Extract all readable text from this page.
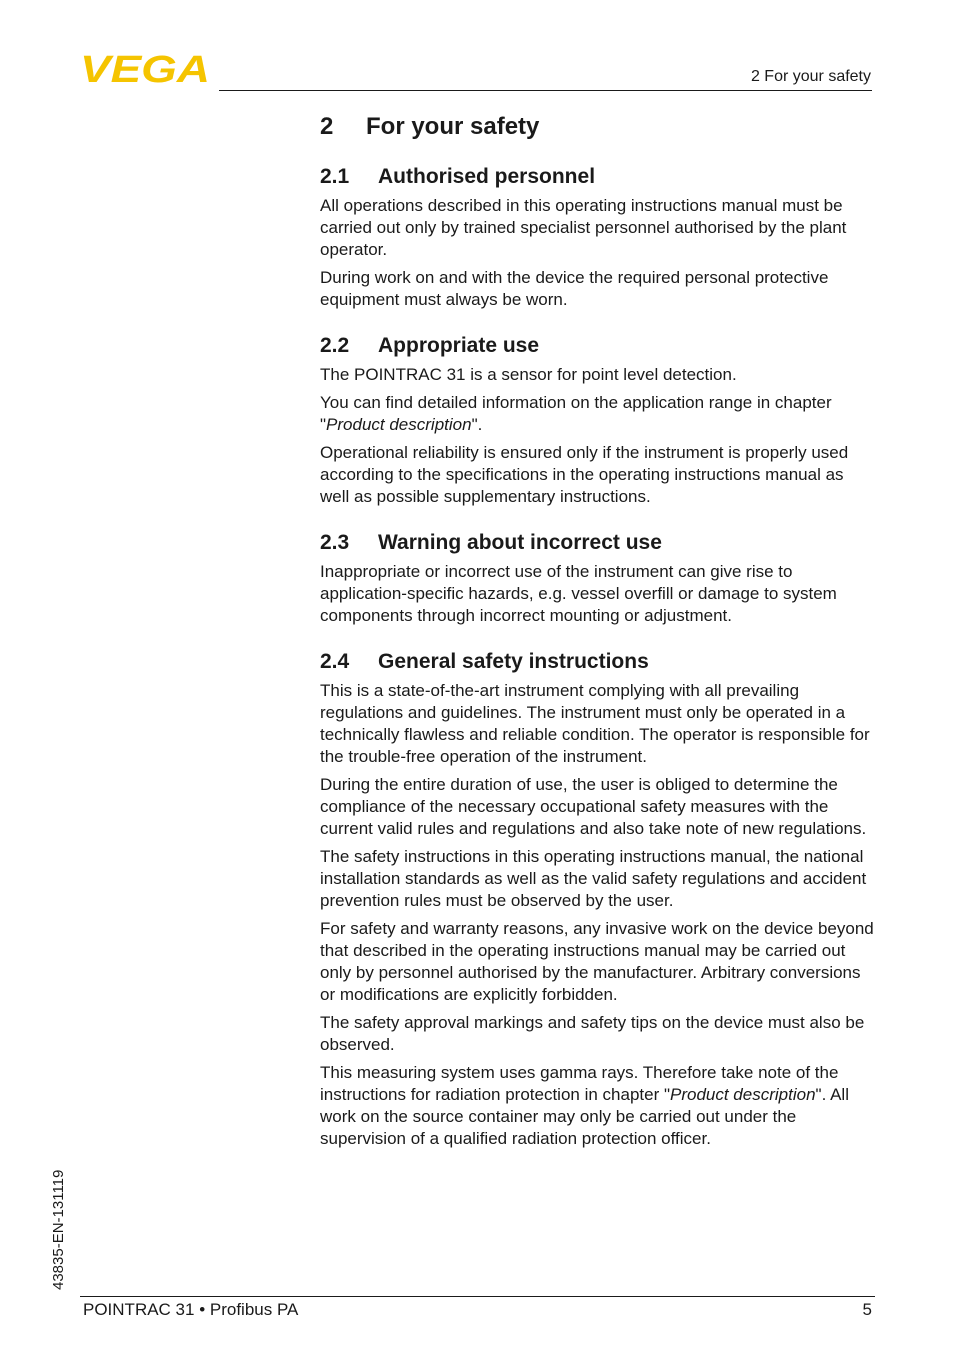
VEGA	2 For your safety
2	For your safety
2.1	Authorised personnel

All operations described in this operating instructions manual must be carried out only by trained specialist personnel authorised by the plant operator.

During work on and with the device the required personal protective equipment must always be worn.

2.2	Appropriate use

The POINTRAC 31 is a sensor for point level detection.

You can find detailed information on the application range in chapter "Product description".

Operational reliability is ensured only if the instrument is properly used according to the specifications in the operating instructions manual as well as possible supplementary instructions.

2.3	Warning about incorrect use

Inappropriate or incorrect use of the instrument can give rise to application-specific hazards, e.g. vessel overfill or damage to system components through incorrect mounting or adjustment.

2.4	General safety instructions

This is a state-of-the-art instrument complying with all prevailing regulations and guidelines. The instrument must only be operated in a technically flawless and reliable condition. The operator is responsible for the trouble-free operation of the instrument.

During the entire duration of use, the user is obliged to determine the compliance of the necessary occupational safety measures with the current valid rules and regulations and also take note of new regulations.

The safety instructions in this operating instructions manual, the national installation standards as well as the valid safety regulations and accident prevention rules must be observed by the user.

For safety and warranty reasons, any invasive work on the device beyond that described in the operating instructions manual may be carried out only by personnel authorised by the manufacturer. Arbitrary conversions or modifications are explicitly forbidden.

The safety approval markings and safety tips on the device must also be observed.

This measuring system uses gamma rays. Therefore take note of the instructions for radiation protection in chapter "Product description". All work on the source container may only be carried out under the supervision of a qualified radiation protection officer.

43835-EN-131119
POINTRAC 31 • Profibus PA	5
